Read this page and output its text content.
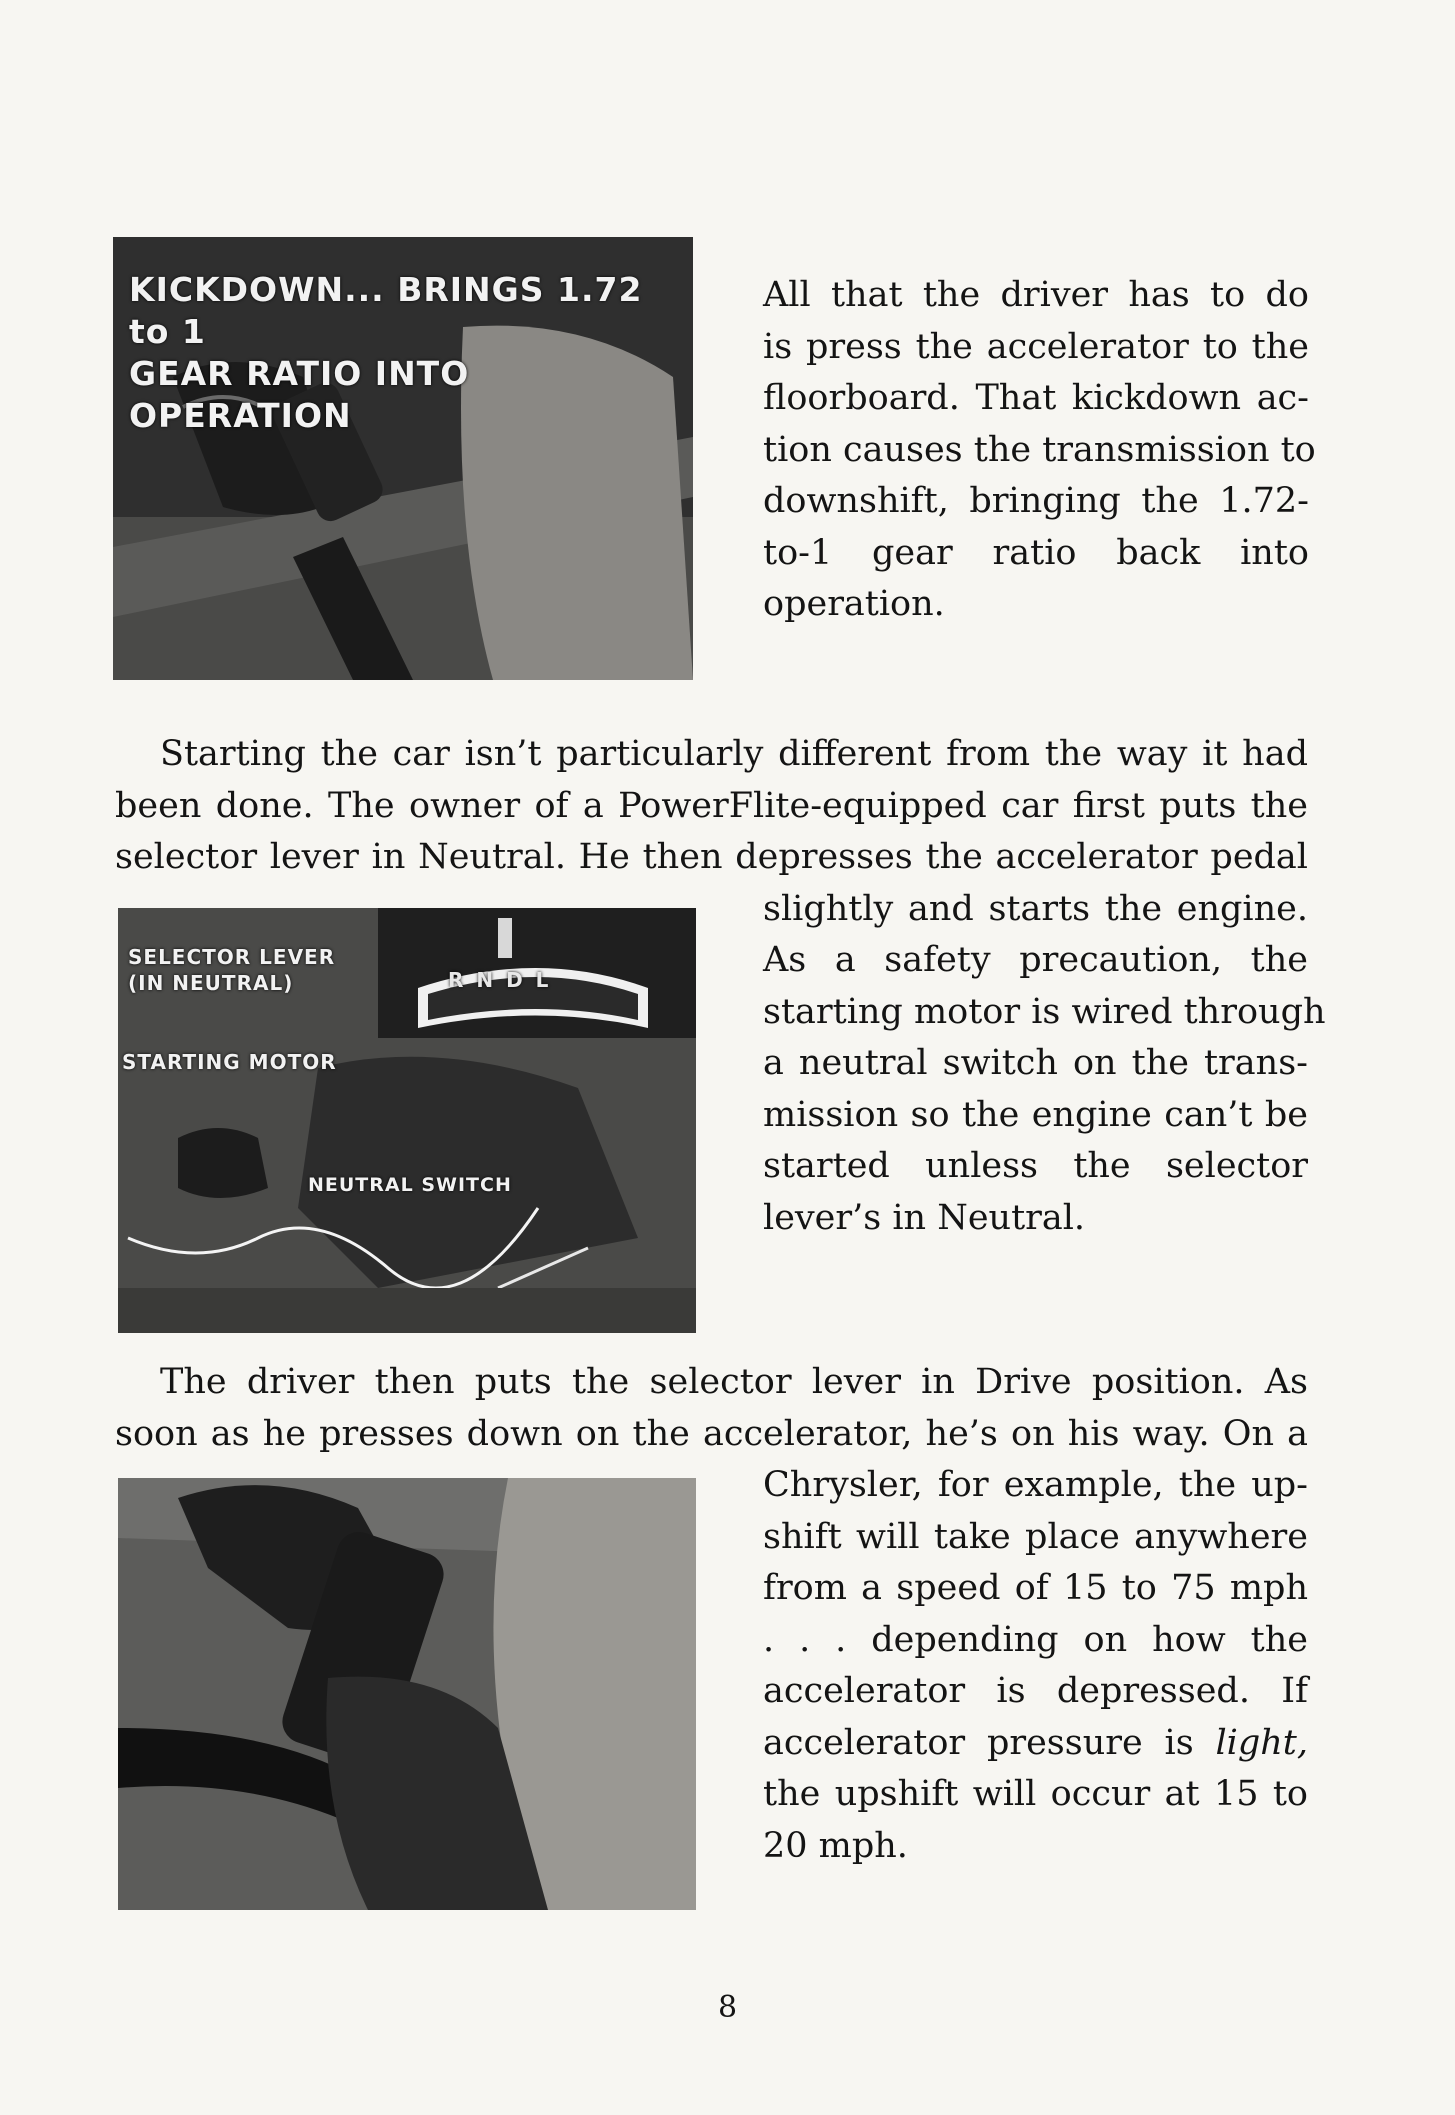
KICKDOWN... BRINGS 1.72 to 1
GEAR RATIO INTO OPERATION
SELECTOR LEVER
(IN NEUTRAL)
STARTING MOTOR
NEUTRAL SWITCH
R N D L
All that the driver has to do
is press the accelerator to the
floorboard. That kickdown ac-
tion causes the transmission to
downshift, bringing the 1.72-
to-1 gear ratio back into
operation.
Starting the car isn’t particularly different from the way it had
been done. The owner of a PowerFlite-equipped car first puts the
selector lever in Neutral. He then depresses the accelerator pedal
slightly and starts the engine.
As a safety precaution, the
starting motor is wired through
a neutral switch on the trans-
mission so the engine can’t be
started unless the selector
lever’s in Neutral.
The driver then puts the selector lever in Drive position. As
soon as he presses down on the accelerator, he’s on his way. On a
Chrysler, for example, the up-
shift will take place anywhere
from a speed of 15 to 75 mph
. . . depending on how the
accelerator is depressed. If
accelerator pressure is light,
the upshift will occur at 15 to
20 mph.
8
